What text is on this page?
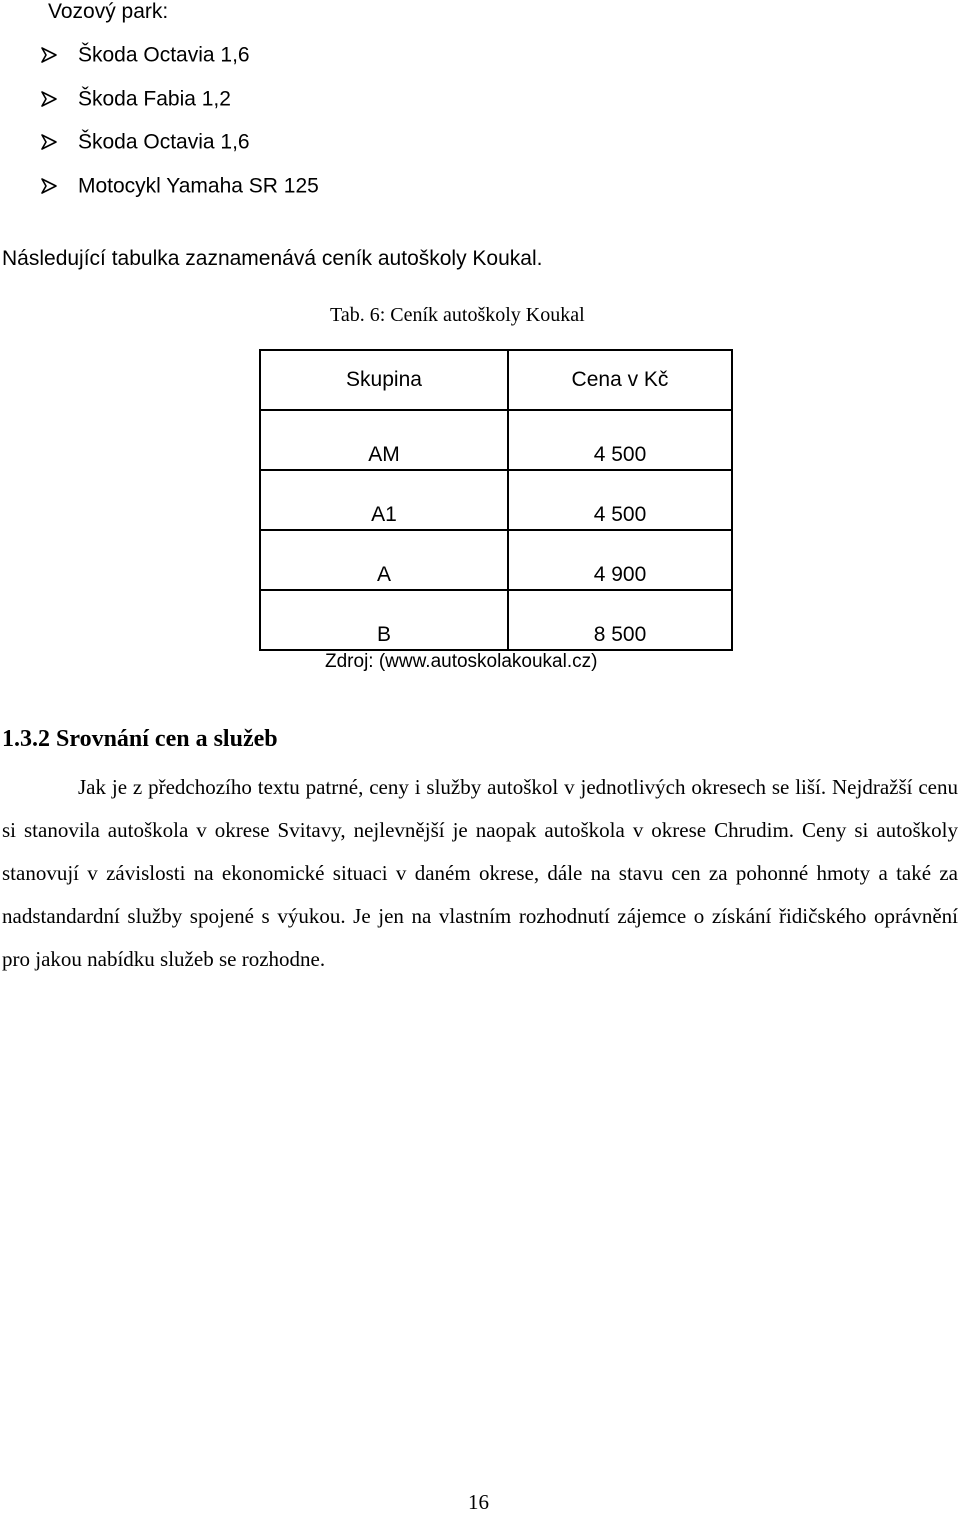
Vozový park:
Škoda Octavia 1,6
Škoda Fabia 1,2
Škoda Octavia 1,6
Motocykl Yamaha SR 125
Následující tabulka zaznamenává ceník autoškoly Koukal.
Tab. 6: Ceník autoškoly Koukal
Skupina	Cena v Kč

AM	4 500

A1	4 500

A	4 900

B	8 500
Zdroj: (www.autoskolakoukal.cz)
1.3.2 Srovnání cen a služeb
Jak je z předchozího textu patrné, ceny i služby autoškol v jednotlivých okresech se liší. Nejdražší cenu si stanovila autoškola v okrese Svitavy, nejlevnější je naopak autoškola v okrese Chrudim. Ceny si autoškoly stanovují v závislosti na ekonomické situaci v daném okrese, dále na stavu cen za pohonné hmoty a také za nadstandardní služby spojené s výukou. Je jen na vlastním rozhodnutí zájemce o získání řidičského oprávnění pro jakou nabídku služeb se rozhodne.
16
